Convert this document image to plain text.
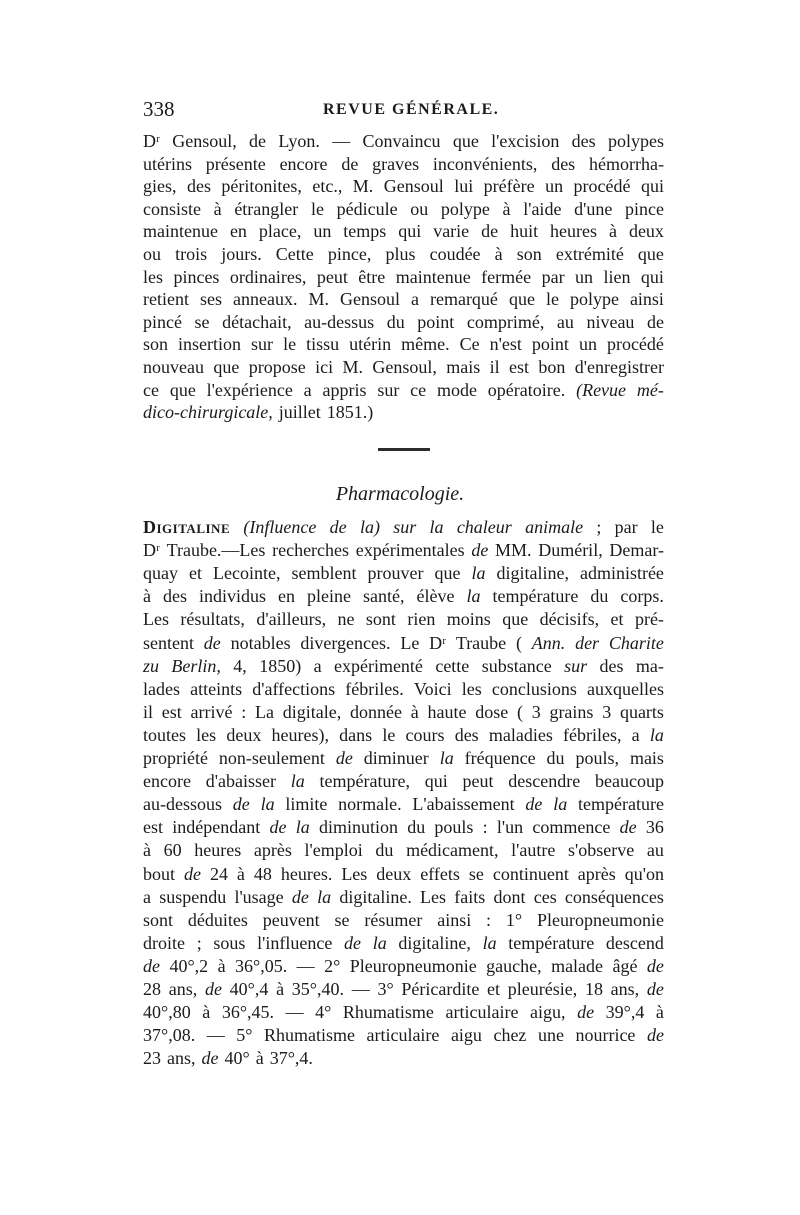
338	REVUE GÉNÉRALE.
Dʳ Gensoul, de Lyon. — Convaincu que l'excision des polypes
utérins présente encore de graves inconvénients, des hémorrha-
gies, des péritonites, etc., M. Gensoul lui préfère un procédé qui
consiste à étrangler le pédicule ou polype à l'aide d'une pince
maintenue en place, un temps qui varie de huit heures à deux
ou trois jours. Cette pince, plus coudée à son extrémité que
les pinces ordinaires, peut être maintenue fermée par un lien qui
retient ses anneaux. M. Gensoul a remarqué que le polype ainsi
pincé se détachait, au-dessus du point comprimé, au niveau de
son insertion sur le tissu utérin même. Ce n'est point un procédé
nouveau que propose ici M. Gensoul, mais il est bon d'enregistrer
ce que l'expérience a appris sur ce mode opératoire. (Revue mé-
dico-chirurgicale, juillet 1851.)
Pharmacologie.
Digitaline (Influence de la) sur la chaleur animale ; par le
Dʳ Traube.—Les recherches expérimentales de MM. Duméril, Demar-
quay et Lecointe, semblent prouver que la digitaline, administrée
à des individus en pleine santé, élève la température du corps.
Les résultats, d'ailleurs, ne sont rien moins que décisifs, et pré-
sentent de notables divergences. Le Dʳ Traube ( Ann. der Charite
zu Berlin, 4, 1850) a expérimenté cette substance sur des ma-
lades atteints d'affections fébriles. Voici les conclusions auxquelles
il est arrivé : La digitale, donnée à haute dose ( 3 grains 3 quarts
toutes les deux heures), dans le cours des maladies fébriles, a la
propriété non-seulement de diminuer la fréquence du pouls, mais
encore d'abaisser la température, qui peut descendre beaucoup
au-dessous de la limite normale. L'abaissement de la température
est indépendant de la diminution du pouls : l'un commence de 36
à 60 heures après l'emploi du médicament, l'autre s'observe au
bout de 24 à 48 heures. Les deux effets se continuent après qu'on
a suspendu l'usage de la digitaline. Les faits dont ces conséquences
sont déduites peuvent se résumer ainsi : 1° Pleuropneumonie
droite ; sous l'influence de la digitaline, la température descend
de 40°,2 à 36°,05. — 2° Pleuropneumonie gauche, malade âgé de
28 ans, de 40°,4 à 35°,40. — 3° Péricardite et pleurésie, 18 ans, de
40°,80 à 36°,45. — 4° Rhumatisme articulaire aigu, de 39°,4 à
37°,08. — 5° Rhumatisme articulaire aigu chez une nourrice de
23 ans, de 40° à 37°,4.
